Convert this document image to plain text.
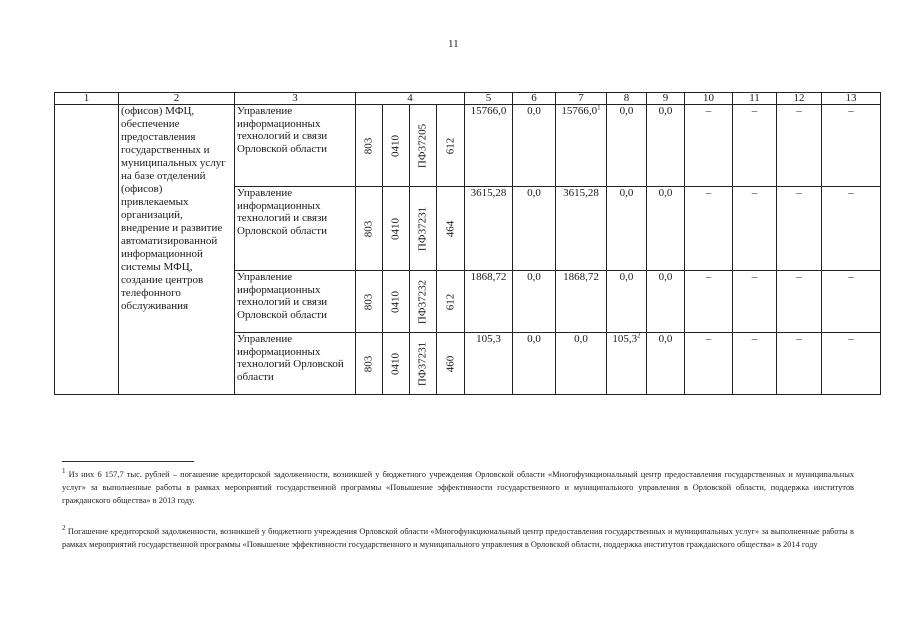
11
1	2	3	4				5	6	7	8	9	10	11	12	13
	(офисов) МФЦ, обеспечение предоставления государственных и муниципальных услуг на базе отделений (офисов) привлекаемых организаций, внедрение и развитие автоматизированной информационной системы МФЦ, создание центров телефонного обслуживания	Управление информационных технологий и связи Орловской области	803	0410	ПФ37205	612	15766,0	0,0	15766,0$^1$	0,0	0,0	–	–	–	–
		Управление информационных технологий и связи Орловской области	803	0410	ПФ37231	464	3615,28	0,0	3615,28	0,0	0,0	–	–	–	–
		Управление информационных технологий и связи Орловской области	803	0410	ПФ37232	612	1868,72	0,0	1868,72	0,0	0,0	–	–	–	–
		Управление информационных технологий Орловской области	803	0410	ПФ37231	460	105,3	0,0	0,0	105,3$^2$	0,0	–	–	–	–
$^1$ Из них 6 157,7 тыс. рублей – погашение кредиторской задолженности, возникшей у бюджетного учреждения Орловской области «Многофункциональный центр предоставления государственных и муниципальных услуг» за выполненные работы в рамках мероприятий государственной программы «Повышение эффективности государственного и муниципального управления в Орловской области, поддержка институтов гражданского общества» в 2013 году.
$^2$ Погашение кредиторской задолженности, возникшей у бюджетного учреждения Орловской области «Многофункциональный центр предоставления государственных и муниципальных услуг» за выполненные работы в рамках мероприятий государственной программы «Повышение эффективности государственного и муниципального управления в Орловской области, поддержка институтов гражданского общества» в 2014 году
